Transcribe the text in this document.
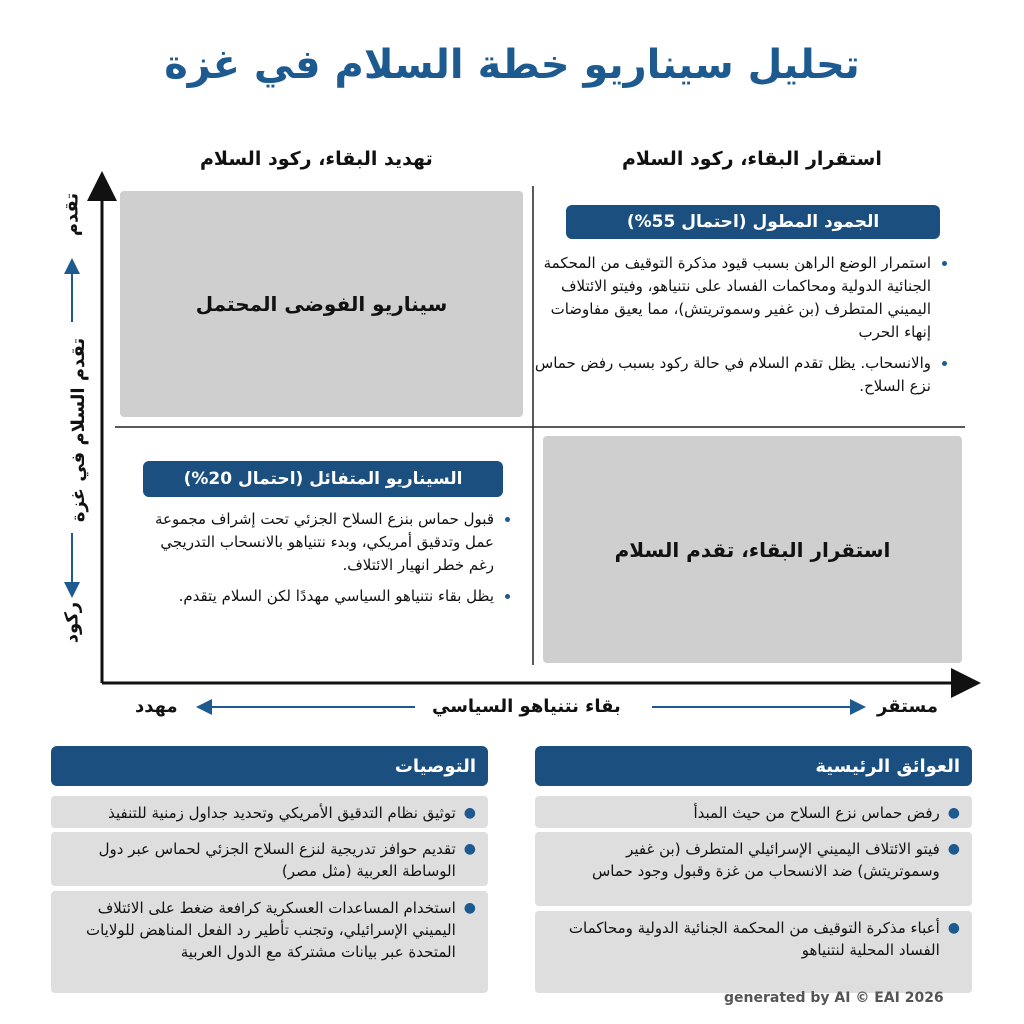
تحليل سيناريو خطة السلام في غزة
تهديد البقاء، ركود السلام	استقرار البقاء، ركود السلام
تقدم
تقدم السلام في غزة
ركود
مهدد	بقاء نتنياهو السياسي	مستقر
سيناريو الفوضى المحتمل
الجمود المطول (احتمال 55%)
• استمرار الوضع الراهن بسبب قيود مذكرة التوقيف من المحكمة الجنائية الدولية ومحاكمات الفساد على نتنياهو، وفيتو الائتلاف اليميني المتطرف (بن غفير وسموتريتش)، مما يعيق مفاوضات إنهاء الحرب
• والانسحاب. يظل تقدم السلام في حالة ركود بسبب رفض حماس نزع السلاح.
السيناريو المتفائل (احتمال 20%)
• قبول حماس بنزع السلاح الجزئي تحت إشراف مجموعة عمل وتدقيق أمريكي، وبدء نتنياهو بالانسحاب التدريجي رغم خطر انهيار الائتلاف.
• يظل بقاء نتنياهو السياسي مهددًا لكن السلام يتقدم.
استقرار البقاء، تقدم السلام
العوائق الرئيسية
●
رفض حماس نزع السلاح من حيث المبدأ
●
فيتو الائتلاف اليميني الإسرائيلي المتطرف (بن غفير وسموتريتش) ضد الانسحاب من غزة وقبول وجود حماس
●
أعباء مذكرة التوقيف من المحكمة الجنائية الدولية ومحاكمات الفساد المحلية لنتنياهو
التوصيات
●
توثيق نظام التدقيق الأمريكي وتحديد جداول زمنية للتنفيذ
●
تقديم حوافز تدريجية لنزع السلاح الجزئي لحماس عبر دول الوساطة العربية (مثل مصر)
●
استخدام المساعدات العسكرية كرافعة ضغط على الائتلاف اليميني الإسرائيلي، وتجنب تأطير رد الفعل المناهض للولايات المتحدة عبر بيانات مشتركة مع الدول العربية
generated by AI © EAI 2026
